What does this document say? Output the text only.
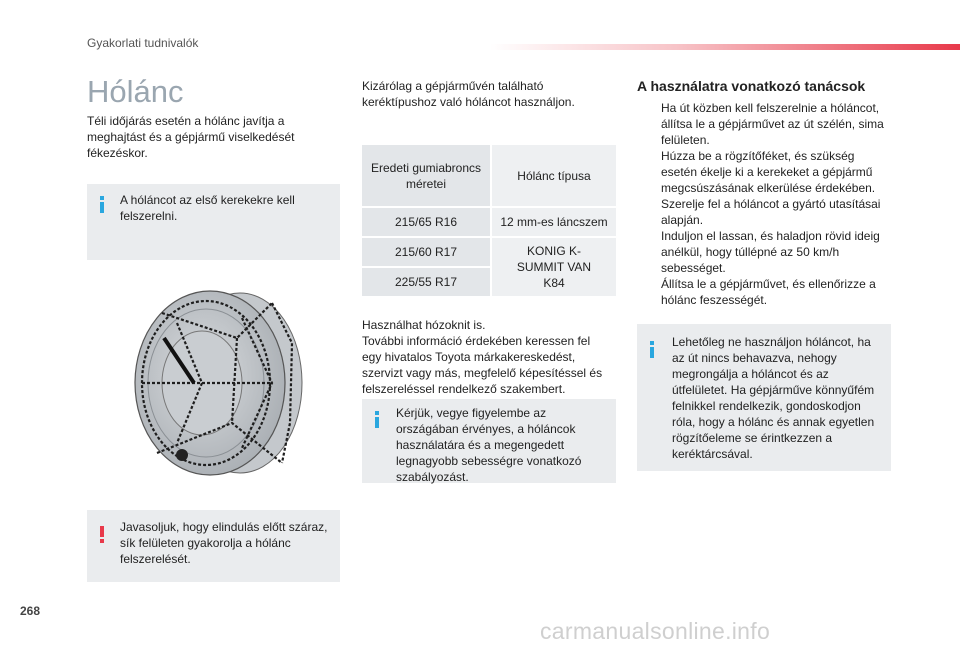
Gyakorlati tudnivalók
Hólánc

Téli időjárás esetén a hólánc javítja a meghajtást és a gépjármű viselkedését fékezéskor.

A hóláncot az első kerekekre kell felszerelni.

Javasoljuk, hogy elindulás előtt száraz, sík felületen gyakorolja a hólánc felszerelését.

Kizárólag a gépjárművén található keréktípushoz való hóláncot használjon.

Eredeti gumiabroncs méretei	Hólánc típusa
215/65 R16	12 mm-es láncszem
215/60 R17	KONIG K-SUMMIT VAN K84
225/55 R17	

Használhat hózoknit is.

További információ érdekében keressen fel egy hivatalos Toyota márkakereskedést, szervizt vagy más, megfelelő képesítéssel és felszereléssel rendelkező szakembert.

Kérjük, vegye figyelembe az országában érvényes, a hóláncok használatára és a megengedett legnagyobb sebességre vonatkozó szabályozást.

A használatra vonatkozó tanácsok
Ha út közben kell felszerelnie a hóláncot, állítsa le a gépjárművet az út szélén, sima felületen.
Húzza be a rögzítőféket, és szükség esetén ékelje ki a kerekeket a gépjármű megcsúszásának elkerülése érdekében.
Szerelje fel a hóláncot a gyártó utasításai alapján.
Induljon el lassan, és haladjon rövid ideig anélkül, hogy túllépné az 50 km/h sebességet.
Állítsa le a gépjárművet, és ellenőrizze a hólánc feszességét.

Lehetőleg ne használjon hóláncot, ha az út nincs behavazva, nehogy megrongálja a hóláncot és az útfelületet. Ha gépjárműve könnyűfém felnikkel rendelkezik, gondoskodjon róla, hogy a hólánc és annak egyetlen rögzítőeleme se érintkezzen a keréktárcsával.

268
carmanualsonline.info
